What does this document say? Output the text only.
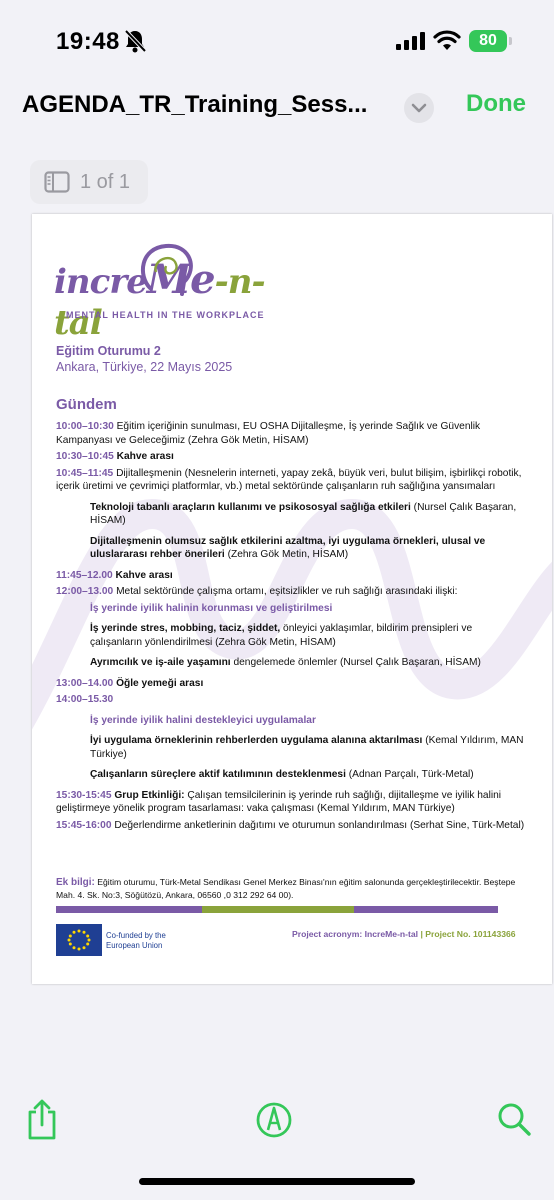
19:48	80
AGENDA_TR_Training_Sess...	Done
1 of 1
increMe-n-tal
MENTAL HEALTH IN THE WORKPLACE
Eğitim Oturumu 2
Ankara, Türkiye, 22 Mayıs 2025
Gündem
10:00–10:30 Eğitim içeriğinin sunulması, EU OSHA Dijitalleşme, İş yerinde Sağlık ve Güvenlik Kampanyası ve Geleceğimiz (Zehra Gök Metin, HİSAM)
10:30–10:45 Kahve arası
10:45–11:45 Dijitalleşmenin (Nesnelerin interneti, yapay zekâ, büyük veri, bulut bilişim, işbirlikçi robotik, içerik üretimi ve çevrimiçi platformlar, vb.) metal sektöründe çalışanların ruh sağlığına yansımaları
Teknoloji tabanlı araçların kullanımı ve psikososyal sağlığa etkileri (Nursel Çalık Başaran, HİSAM)
Dijitalleşmenin olumsuz sağlık etkilerini azaltma, iyi uygulama örnekleri, ulusal ve uluslararası rehber önerileri (Zehra Gök Metin, HİSAM)
11:45–12.00 Kahve arası
12:00–13.00 Metal sektöründe çalışma ortamı, eşitsizlikler ve ruh sağlığı arasındaki ilişki:
İş yerinde iyilik halinin korunması ve geliştirilmesi
İş yerinde stres, mobbing, taciz, şiddet, önleyici yaklaşımlar, bildirim prensipleri ve çalışanların yönlendirilmesi (Zehra Gök Metin, HİSAM)
Ayrımcılık ve iş-aile yaşamını dengelemede önlemler (Nursel Çalık Başaran, HİSAM)
13:00–14.00 Öğle yemeği arası
14:00–15.30
İş yerinde iyilik halini destekleyici uygulamalar
İyi uygulama örneklerinin rehberlerden uygulama alanına aktarılması (Kemal Yıldırım, MAN Türkiye)
Çalışanların süreçlere aktif katılımının desteklenmesi (Adnan Parçalı, Türk-Metal)
15:30-15:45 Grup Etkinliği: Çalışan temsilcilerinin iş yerinde ruh sağlığı, dijitalleşme ve iyilik halini geliştirmeye yönelik program tasarlaması: vaka çalışması (Kemal Yıldırım, MAN Türkiye)
15:45-16:00 Değerlendirme anketlerinin dağıtımı ve oturumun sonlandırılması (Serhat Sine, Türk-Metal)
Ek bilgi: Eğitim oturumu, Türk-Metal Sendikası Genel Merkez Binası'nın eğitim salonunda gerçekleştirilecektir. Beştepe Mah. 4. Sk. No:3, Söğütözü, Ankara, 06560 ,0 312 292 64 00).
Co-funded by the
European Union
Project acronym: IncreMe-n-tal | Project No. 101143366
